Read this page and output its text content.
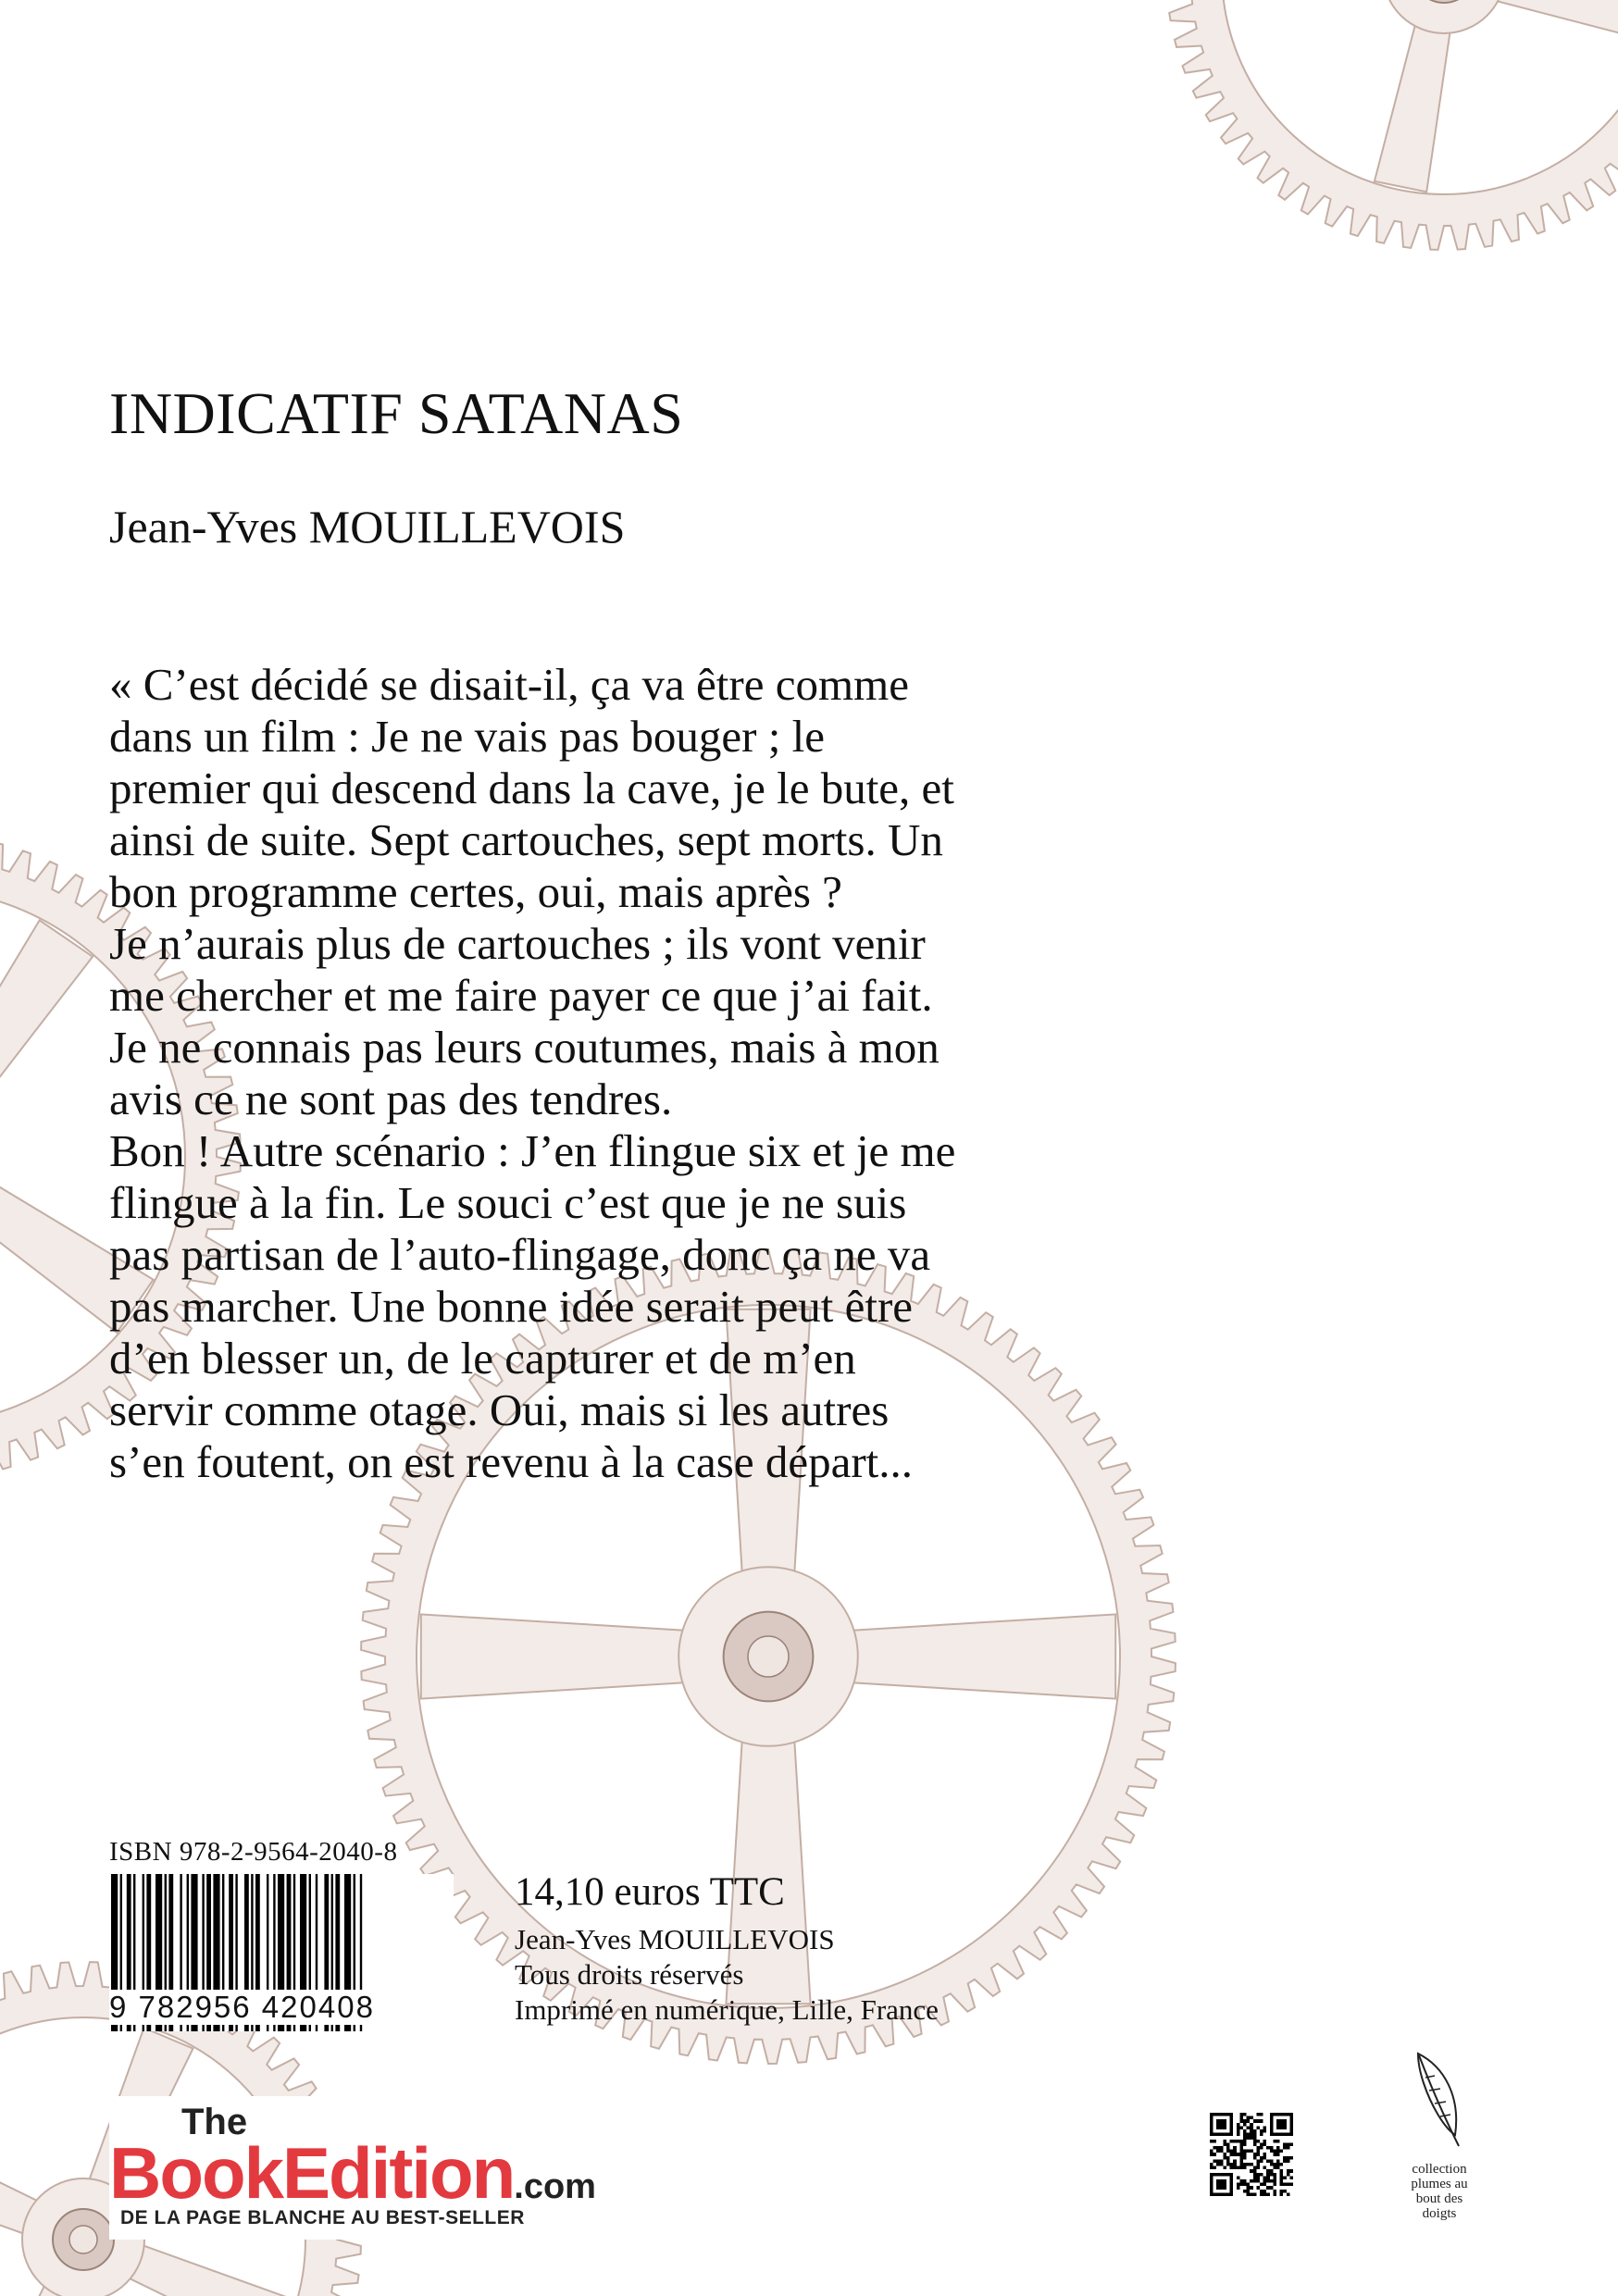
INDICATIF SATANAS
Jean-Yves MOUILLEVOIS

« C’est décidé se disait-il, ça va être comme

dans un film : Je ne vais pas bouger ; le

premier qui descend dans la cave, je le bute, et

ainsi de suite. Sept cartouches, sept morts. Un

bon programme certes, oui, mais après ?

Je n’aurais plus de cartouches ; ils vont venir

me chercher et me faire payer ce que j’ai fait.

Je ne connais pas leurs coutumes, mais à mon

avis ce ne sont pas des tendres.

Bon ! Autre scénario : J’en flingue six et je me

flingue à la fin. Le souci c’est que je ne suis

pas partisan de l’auto-flingage, donc ça ne va

pas marcher. Une bonne idée serait peut être

d’en blesser un, de le capturer et de m’en

servir comme otage. Oui, mais si les autres

s’en foutent, on est revenu à la case départ...

ISBN 978-2-9564-2040-8
9 782956 420408
14,10 euros TTC
Jean-Yves MOUILLEVOIS
Tous droits réservés
Imprimé en numérique, Lille, France
The
BookEdition.com
DE LA PAGE BLANCHE AU BEST-SELLER
collection
plumes au
bout des
doigts
